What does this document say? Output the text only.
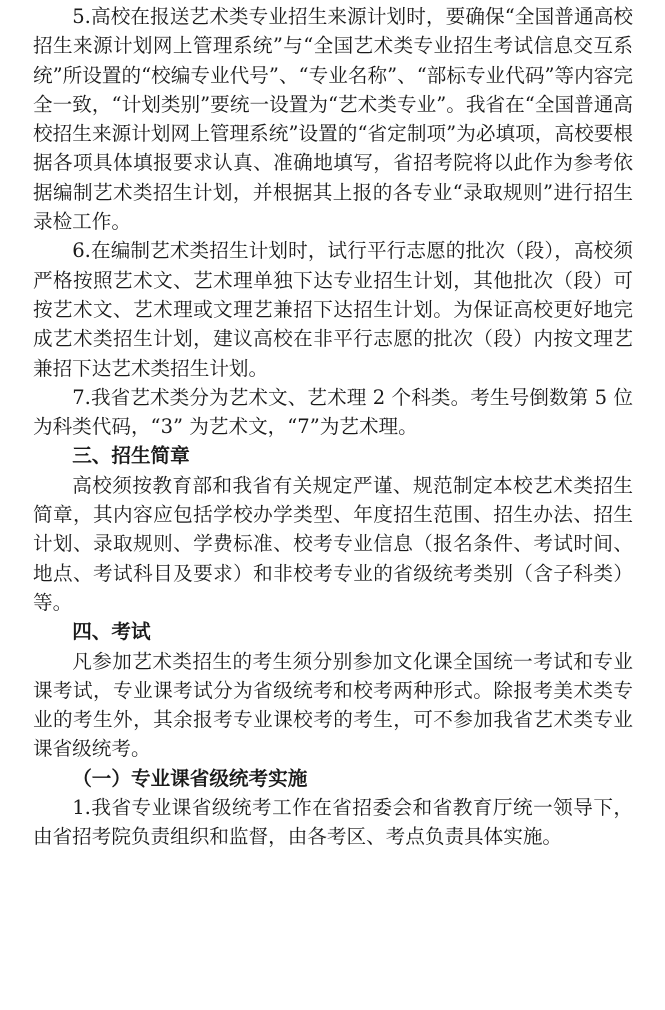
5.高校在报送艺术类专业招生来源计划时，要确保“全国普通高校招生来源计划网上管理系统”与“全国艺术类专业招生考试信息交互系统”所设置的“校编专业代号”、“专业名称”、“部标专业代码”等内容完全一致，“计划类别”要统一设置为“艺术类专业”。我省在“全国普通高校招生来源计划网上管理系统”设置的“省定制项”为必填项，高校要根据各项具体填报要求认真、准确地填写，省招考院将以此作为参考依据编制艺术类招生计划，并根据其上报的各专业“录取规则”进行招生录检工作。

6.在编制艺术类招生计划时，试行平行志愿的批次（段），高校须严格按照艺术文、艺术理单独下达专业招生计划，其他批次（段）可按艺术文、艺术理或文理艺兼招下达招生计划。为保证高校更好地完成艺术类招生计划，建议高校在非平行志愿的批次（段）内按文理艺兼招下达艺术类招生计划。

7.我省艺术类分为艺术文、艺术理 2 个科类。考生号倒数第 5 位为科类代码，“3” 为艺术文，“7”为艺术理。

三、招生简章

高校须按教育部和我省有关规定严谨、规范制定本校艺术类招生简章，其内容应包括学校办学类型、年度招生范围、招生办法、招生计划、录取规则、学费标准、校考专业信息（报名条件、考试时间、地点、考试科目及要求）和非校考专业的省级统考类别（含子科类）等。

四、考试

凡参加艺术类招生的考生须分别参加文化课全国统一考试和专业课考试，专业课考试分为省级统考和校考两种形式。除报考美术类专业的考生外，其余报考专业课校考的考生，可不参加我省艺术类专业课省级统考。

（一）专业课省级统考实施

1.我省专业课省级统考工作在省招委会和省教育厅统一领导下，由省招考院负责组织和监督，由各考区、考点负责具体实施。
